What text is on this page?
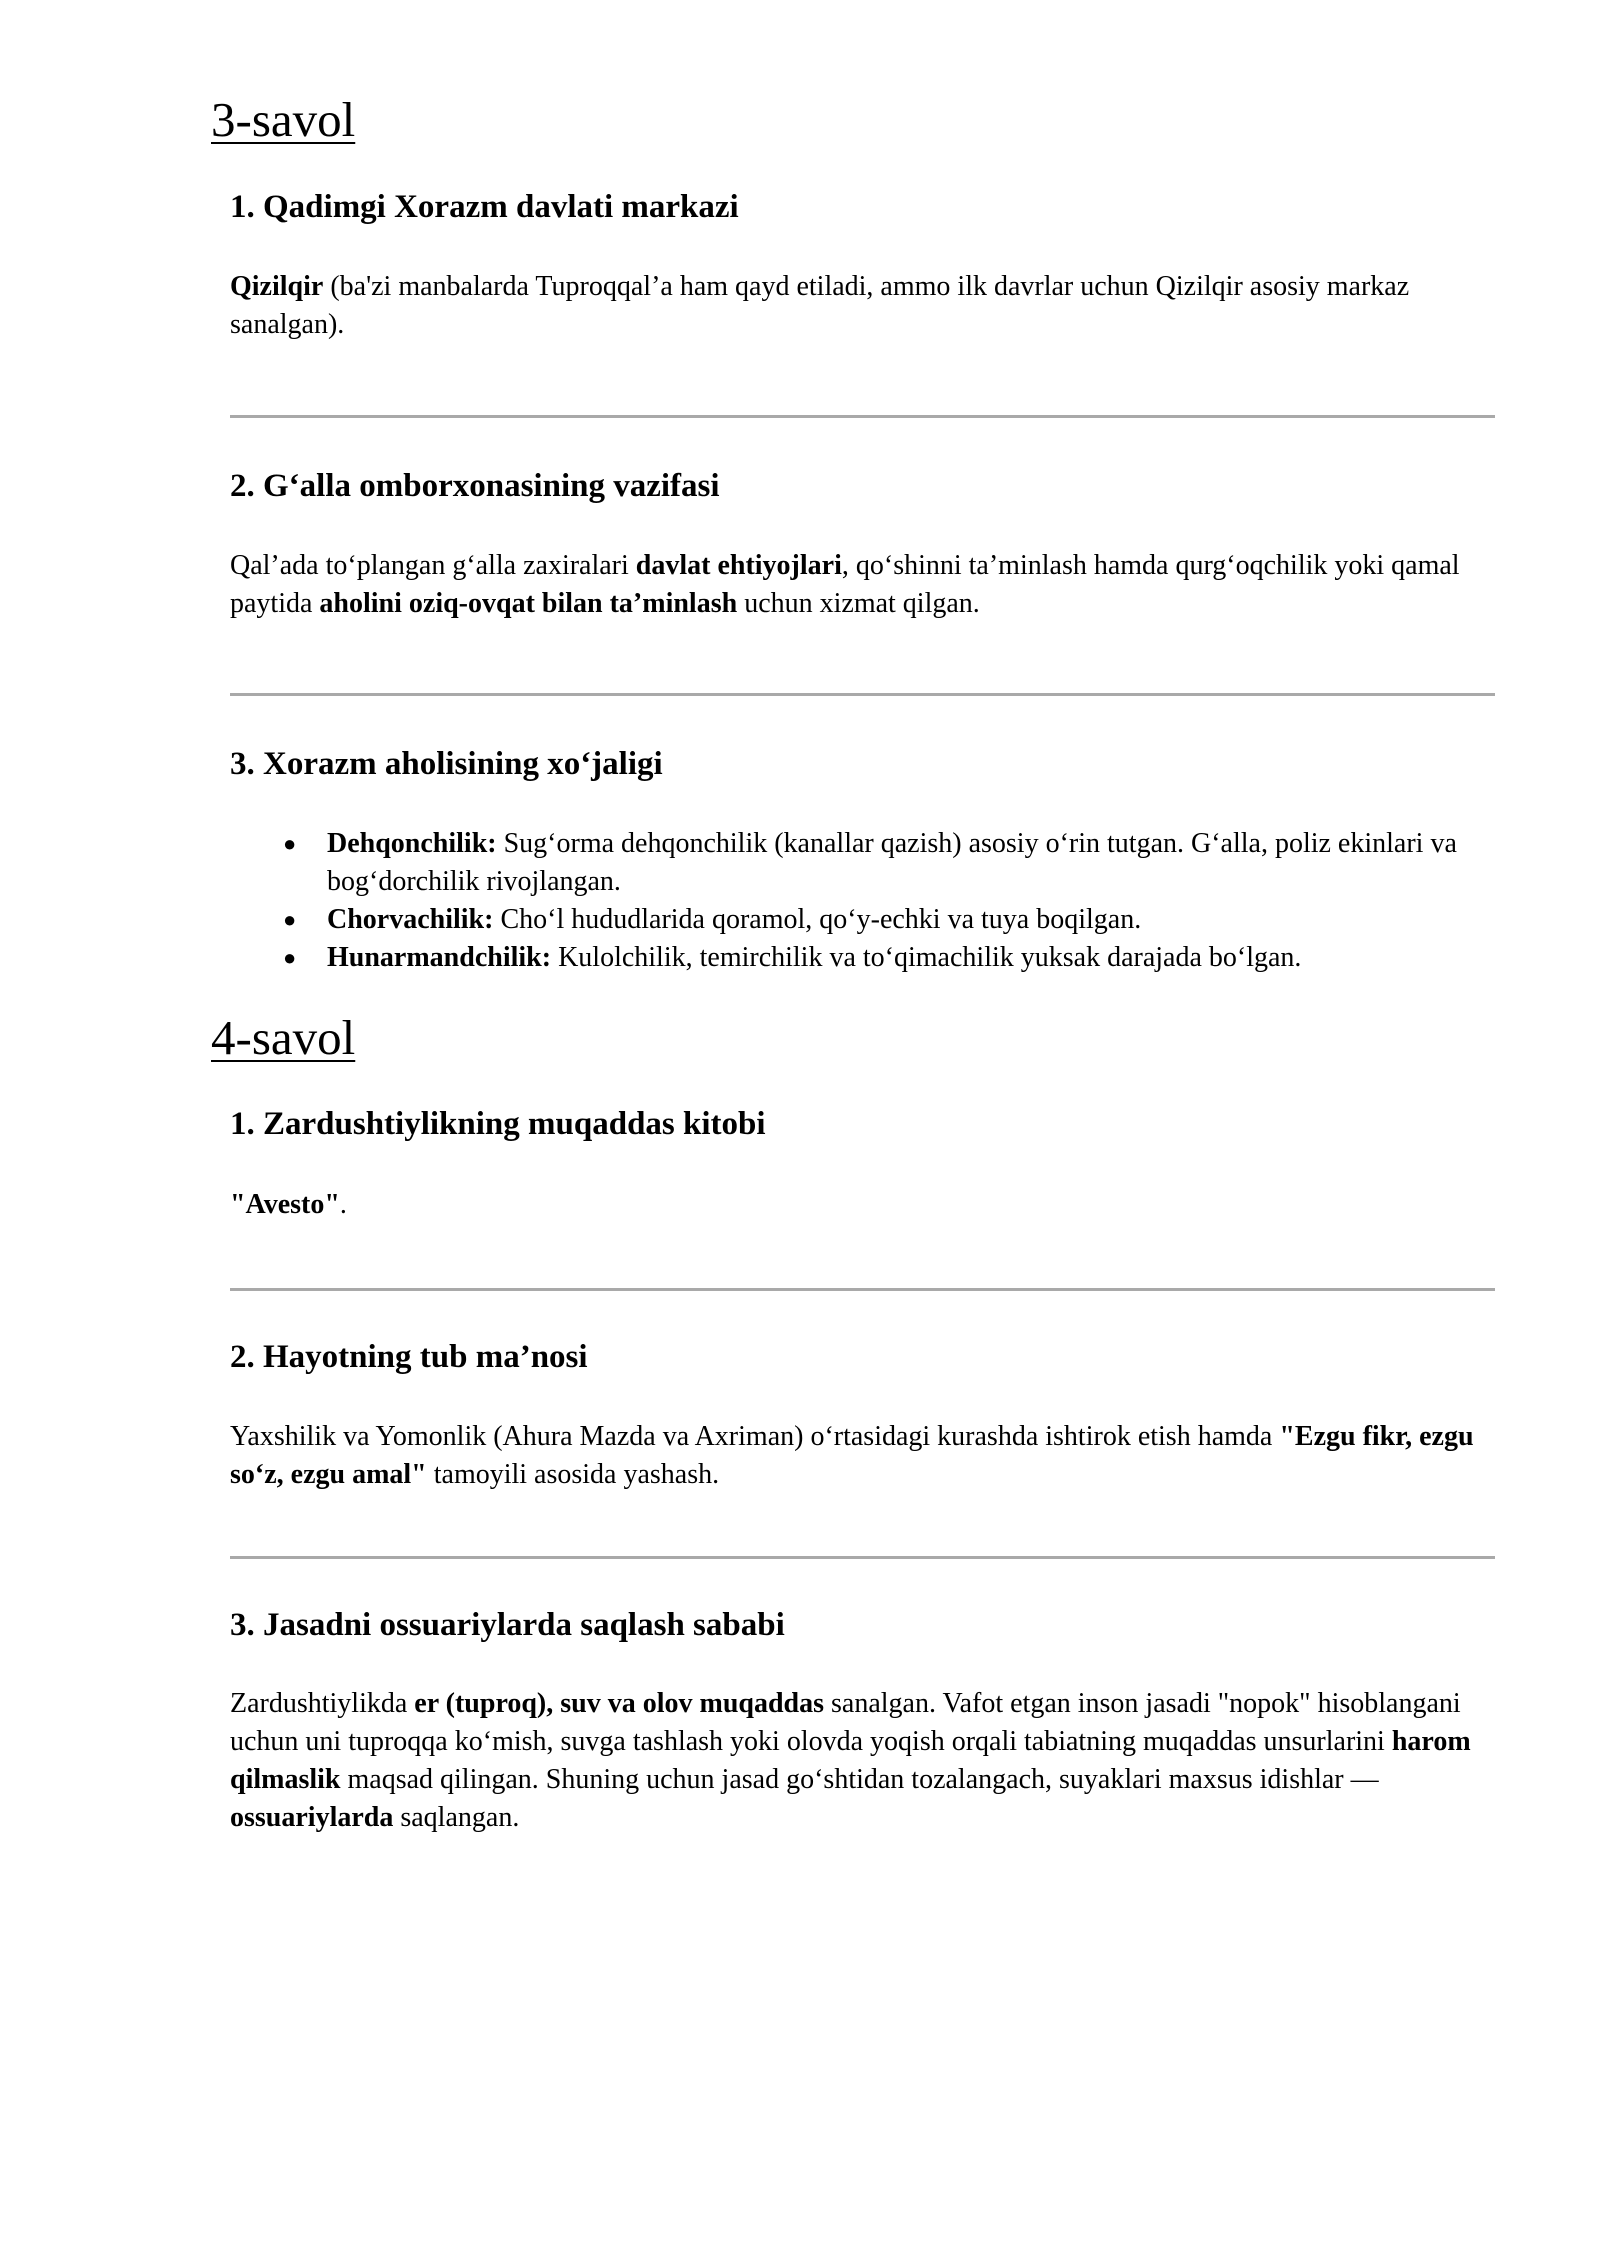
3-savol
1. Qadimgi Xorazm davlati markazi

Qizilqir (ba'zi manbalarda Tuproqqal’a ham qayd etiladi, ammo ilk davrlar uchun Qizilqir asosiy markaz sanalgan).

2. G‘alla omborxonasining vazifasi

Qal’ada to‘plangan g‘alla zaxiralari davlat ehtiyojlari, qo‘shinni ta’minlash hamda qurg‘oqchilik yoki qamal paytida aholini oziq-ovqat bilan ta’minlash uchun xizmat qilgan.

3. Xorazm aholisining xo‘jaligi
● Dehqonchilik: Sug‘orma dehqonchilik (kanallar qazish) asosiy o‘rin tutgan. G‘alla, poliz ekinlari va bog‘dorchilik rivojlangan.
● Chorvachilik: Cho‘l hududlarida qoramol, qo‘y-echki va tuya boqilgan.
● Hunarmandchilik: Kulolchilik, temirchilik va to‘qimachilik yuksak darajada bo‘lgan.
4-savol
1. Zardushtiylikning muqaddas kitobi

"Avesto".

2. Hayotning tub ma’nosi

Yaxshilik va Yomonlik (Ahura Mazda va Axriman) o‘rtasidagi kurashda ishtirok etish hamda "Ezgu fikr, ezgu so‘z, ezgu amal" tamoyili asosida yashash.

3. Jasadni ossuariylarda saqlash sababi

Zardushtiylikda er (tuproq), suv va olov muqaddas sanalgan. Vafot etgan inson jasadi "nopok" hisoblangani uchun uni tuproqqa ko‘mish, suvga tashlash yoki olovda yoqish orqali tabiatning muqaddas unsurlarini harom qilmaslik maqsad qilingan. Shuning uchun jasad go‘shtidan tozalangach, suyaklari maxsus idishlar — ossuariylarda saqlangan.
